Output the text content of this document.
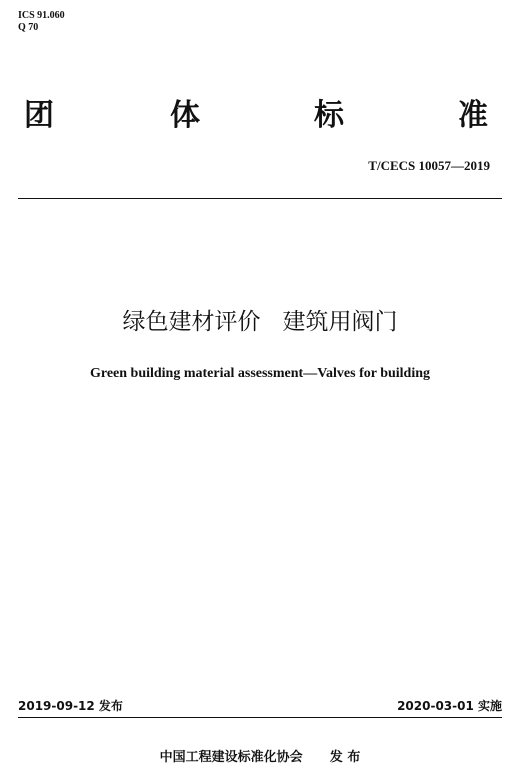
ICS 91.060
Q 70
团	体	标	准
T/CECS 10057—2019
绿色建材评价   建筑用阀门
Green building material assessment—Valves for building
2019-09-12 发布	2020-03-01 实施
中国工程建设标准化协会      发 布
